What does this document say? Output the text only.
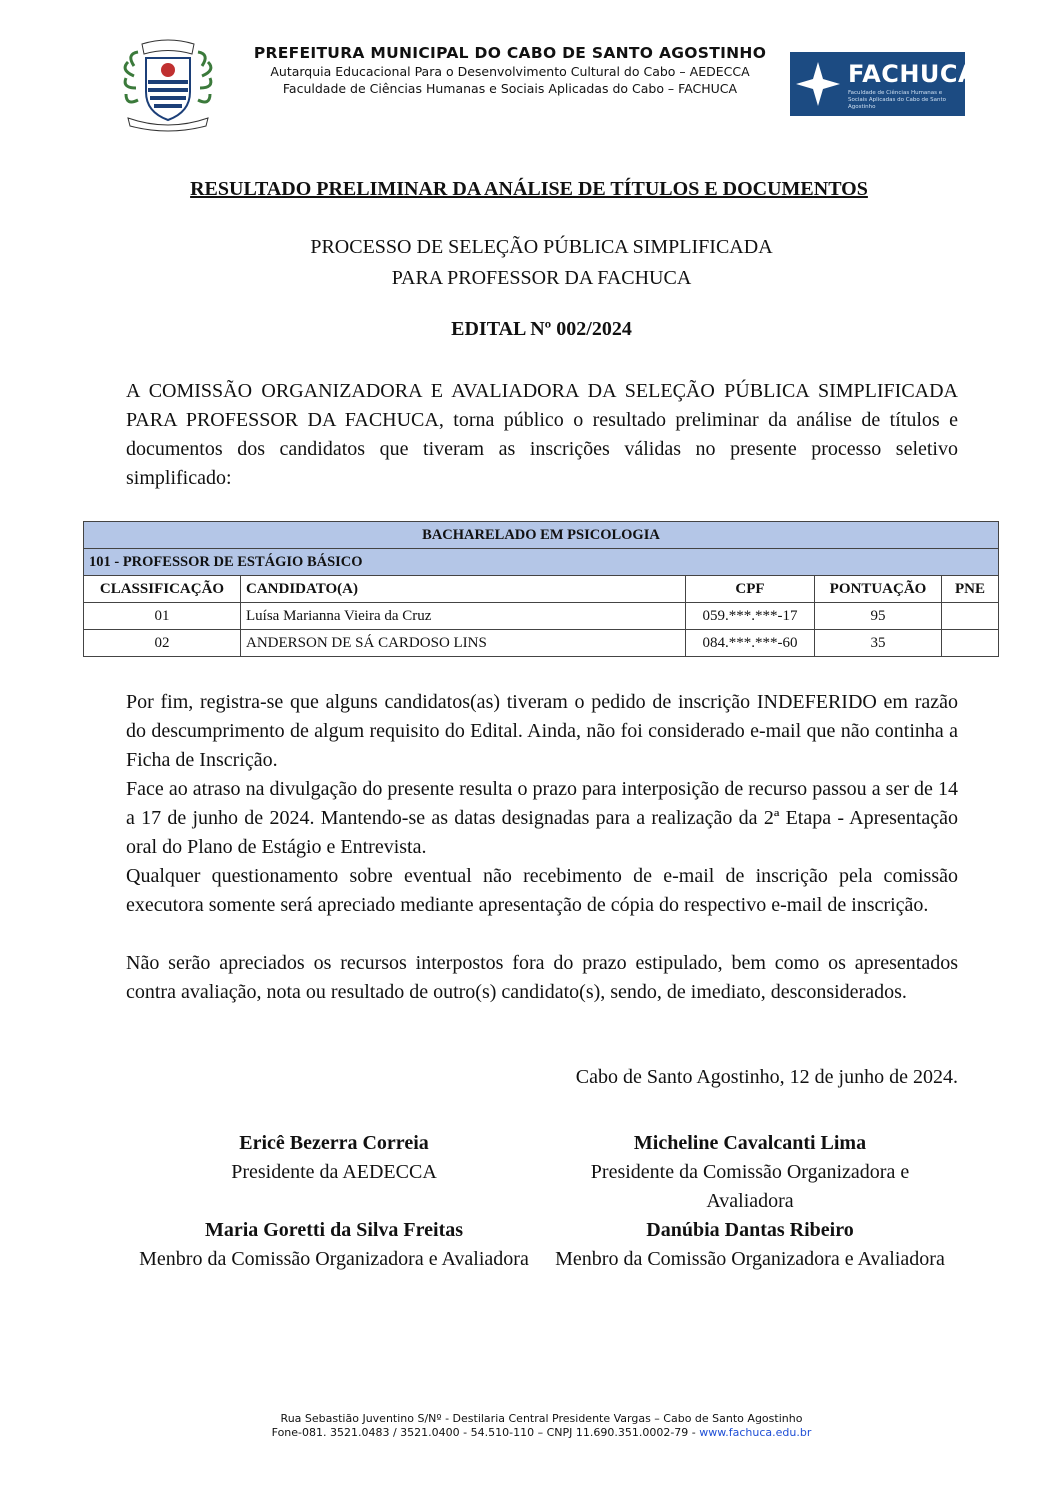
PREFEITURA MUNICIPAL DO CABO DE SANTO AGOSTINHO
Autarquia Educacional Para o Desenvolvimento Cultural do Cabo – AEDECCA
Faculdade de Ciências Humanas e Sociais Aplicadas do Cabo – FACHUCA
FACHUCA
Faculdade de Ciências Humanas e Sociais Aplicadas do Cabo de Santo Agostinho
RESULTADO PRELIMINAR DA ANÁLISE DE TÍTULOS E DOCUMENTOS
PROCESSO DE SELEÇÃO PÚBLICA SIMPLIFICADA
PARA PROFESSOR DA FACHUCA
EDITAL Nº 002/2024
A COMISSÃO ORGANIZADORA E AVALIADORA DA SELEÇÃO PÚBLICA SIMPLIFICADA PARA PROFESSOR DA FACHUCA, torna público o resultado preliminar da análise de títulos e documentos dos candidatos que tiveram as inscrições válidas no presente processo seletivo simplificado:
BACHARELADO EM PSICOLOGIA				
101 - PROFESSOR DE ESTÁGIO BÁSICO				
CLASSIFICAÇÃO	CANDIDATO(A)	CPF	PONTUAÇÃO	PNE
01	Luísa Marianna Vieira da Cruz	059.***.***-17	95	
02	ANDERSON DE SÁ CARDOSO LINS	084.***.***-60	35	
Por fim, registra-se que alguns candidatos(as) tiveram o pedido de inscrição INDEFERIDO em razão do descumprimento de algum requisito do Edital. Ainda, não foi considerado e-mail que não continha a Ficha de Inscrição.
Face ao atraso na divulgação do presente resulta o prazo para interposição de recurso passou a ser de 14 a 17 de junho de 2024. Mantendo-se as datas designadas para a realização da 2ª Etapa - Apresentação oral do Plano de Estágio e Entrevista.
Qualquer questionamento sobre eventual não recebimento de e-mail de inscrição pela comissão executora somente será apreciado mediante apresentação de cópia do respectivo e-mail de inscrição.
Não serão apreciados os recursos interpostos fora do prazo estipulado, bem como os apresentados contra avaliação, nota ou resultado de outro(s) candidato(s), sendo, de imediato, desconsiderados.
Cabo de Santo Agostinho, 12 de junho de 2024.
Ericê Bezerra Correia
Presidente da AEDECCA
Micheline Cavalcanti Lima
Presidente da Comissão Organizadora e Avaliadora
Maria Goretti da Silva Freitas
Menbro da Comissão Organizadora e Avaliadora
Danúbia Dantas Ribeiro
Menbro da Comissão Organizadora e Avaliadora
Rua Sebastião Juventino S/Nº - Destilaria Central Presidente Vargas – Cabo de Santo Agostinho
Fone-081. 3521.0483 / 3521.0400 - 54.510-110 – CNPJ 11.690.351.0002-79 - www.fachuca.edu.br
